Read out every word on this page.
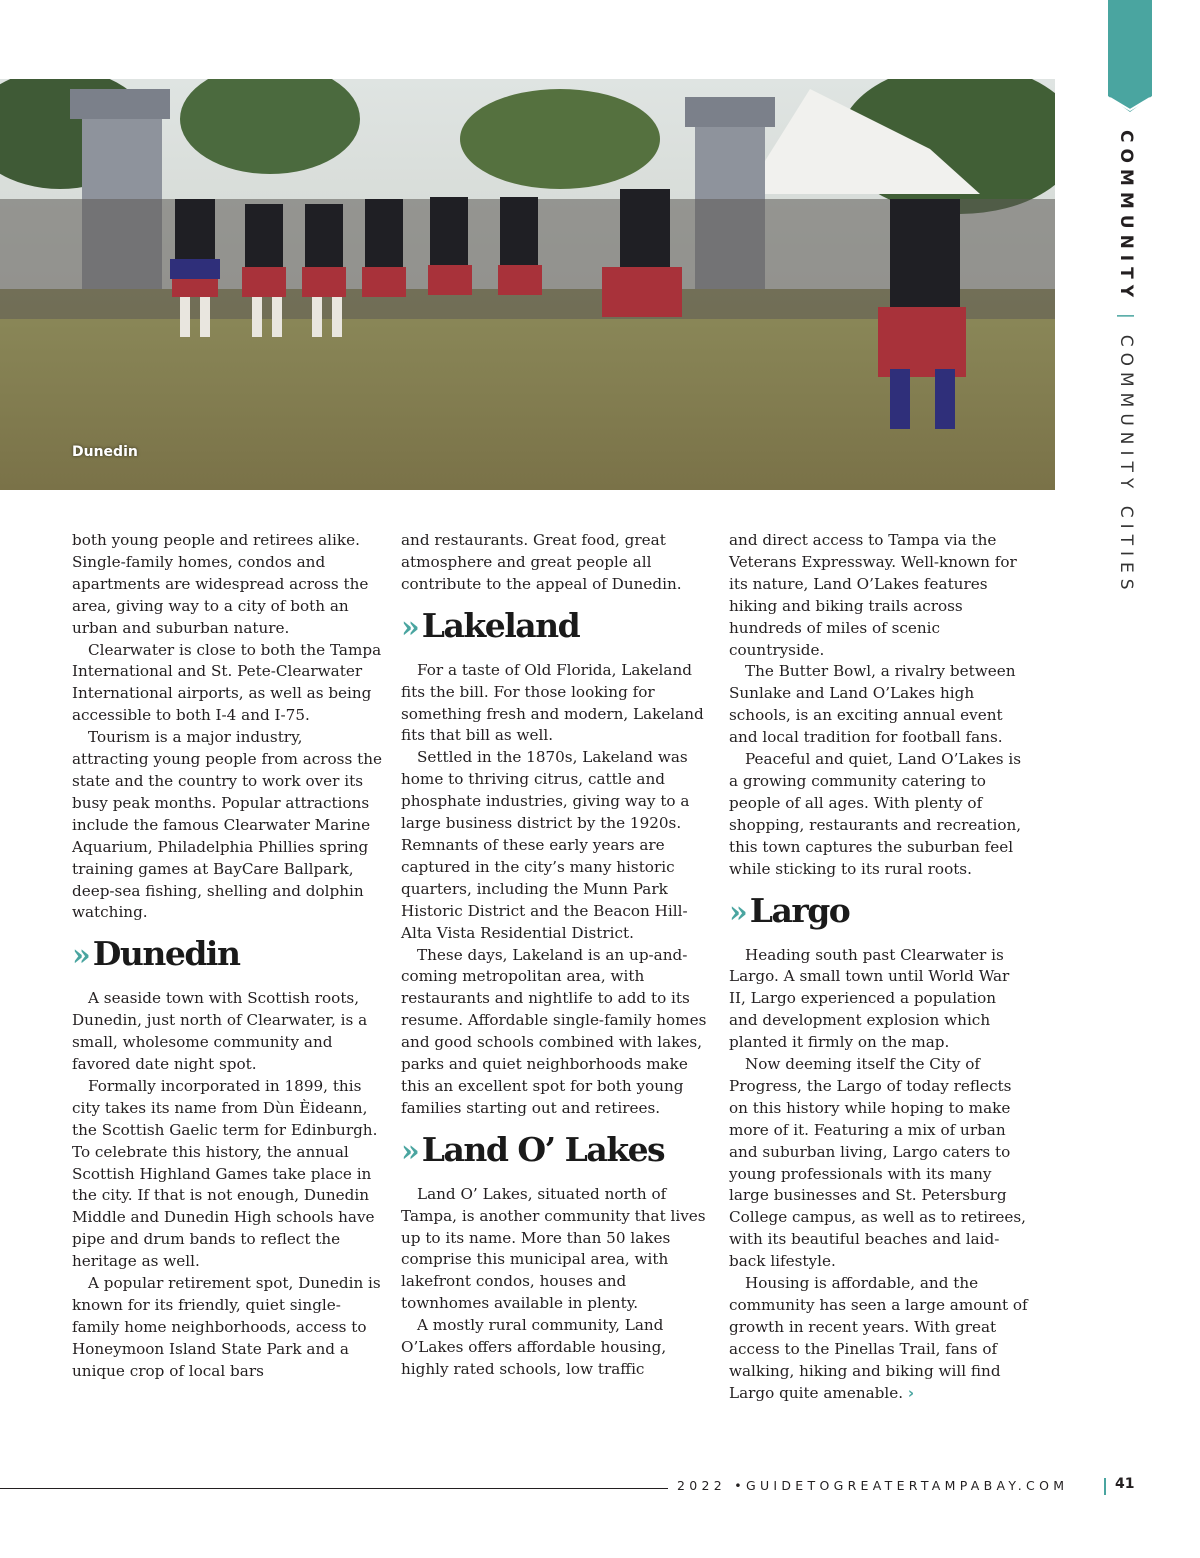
COMMUNITY|COMMUNITY CITIES
Dunedin

both young people and retirees alike. Single-family homes, condos and apartments are widespread across the area, giving way to a city of both an urban and suburban nature.

Clearwater is close to both the Tampa International and St. Pete-Clearwater International airports, as well as being accessible to both I-4 and I-75.

Tourism is a major industry, attracting young people from across the state and the country to work over its busy peak months. Popular attractions include the famous Clearwater Marine Aquarium, Philadelphia Phillies spring training games at BayCare Ballpark, deep-sea fishing, shelling and dolphin watching.

»Dunedin

A seaside town with Scottish roots, Dunedin, just north of Clearwater, is a small, wholesome community and favored date night spot.

Formally incorporated in 1899, this city takes its name from Dùn Èideann, the Scottish Gaelic term for Edinburgh. To celebrate this history, the annual Scottish Highland Games take place in the city. If that is not enough, Dunedin Middle and Dunedin High schools have pipe and drum bands to reflect the heritage as well.

A popular retirement spot, Dunedin is known for its friendly, quiet single-family home neighborhoods, access to Honeymoon Island State Park and a unique crop of local bars

and restaurants. Great food, great atmosphere and great people all contribute to the appeal of Dunedin.

»Lakeland

For a taste of Old Florida, Lakeland fits the bill. For those looking for something fresh and modern, Lakeland fits that bill as well.

Settled in the 1870s, Lakeland was home to thriving citrus, cattle and phosphate industries, giving way to a large business district by the 1920s. Remnants of these early years are captured in the city’s many historic quarters, including the Munn Park Historic District and the Beacon Hill-Alta Vista Residential District.

These days, Lakeland is an up-and-coming metropolitan area, with restaurants and nightlife to add to its resume. Affordable single-family homes and good schools combined with lakes, parks and quiet neighborhoods make this an excellent spot for both young families starting out and retirees.

»Land O’ Lakes

Land O’ Lakes, situated north of Tampa, is another community that lives up to its name. More than 50 lakes comprise this municipal area, with lakefront condos, houses and townhomes available in plenty.

A mostly rural community, Land O’Lakes offers affordable housing, highly rated schools, low traffic

and direct access to Tampa via the Veterans Expressway. Well-known for its nature, Land O’Lakes features hiking and biking trails across hundreds of miles of scenic countryside.

The Butter Bowl, a rivalry between Sunlake and Land O’Lakes high schools, is an exciting annual event and local tradition for football fans.

Peaceful and quiet, Land O’Lakes is a growing community catering to people of all ages. With plenty of shopping, restaurants and recreation, this town captures the suburban feel while sticking to its rural roots.

»Largo

Heading south past Clearwater is Largo. A small town until World War II, Largo experienced a population and development explosion which planted it firmly on the map.

Now deeming itself the City of Progress, the Largo of today reflects on this history while hoping to make more of it. Featuring a mix of urban and suburban living, Largo caters to young professionals with its many large businesses and St. Petersburg College campus, as well as to retirees, with its beautiful beaches and laid-back lifestyle.

Housing is affordable, and the community has seen a large amount of growth in recent years. With great access to the Pinellas Trail, fans of walking, hiking and biking will find Largo quite amenable. ›

2022 •GUIDETOGREATERTAMPABAY.COM	41
